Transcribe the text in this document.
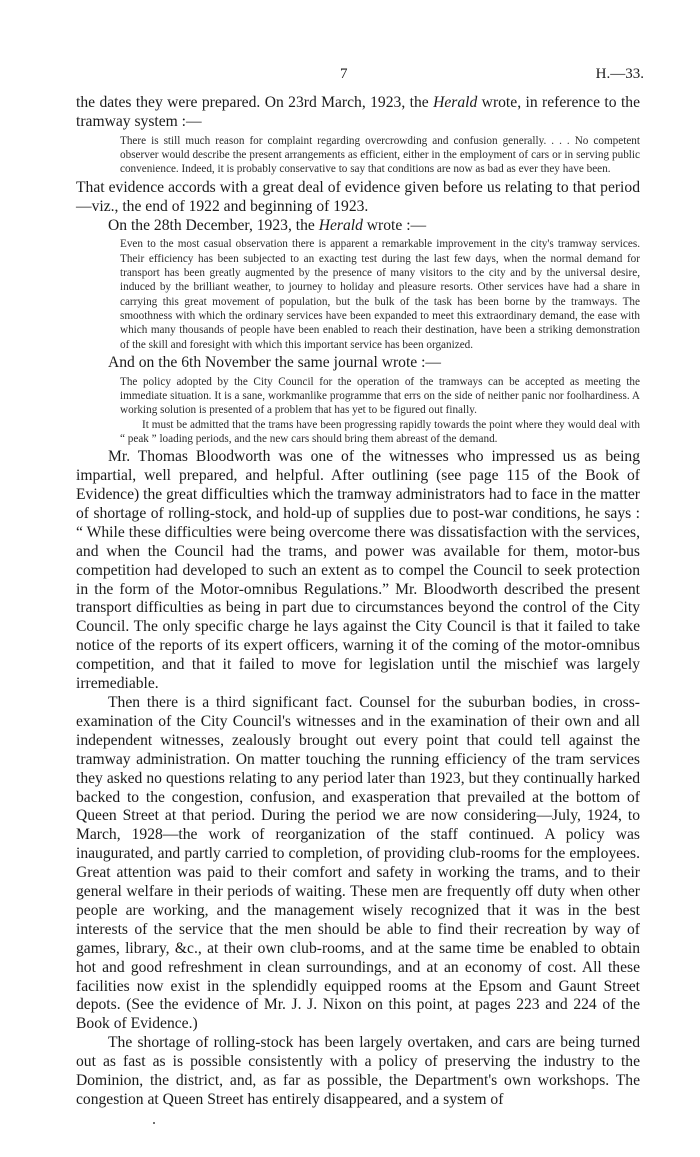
7	H.—33.

the dates they were prepared. On 23rd March, 1923, the Herald wrote, in reference to the tramway system :—

There is still much reason for complaint regarding overcrowding and confusion generally. . . . No competent observer would describe the present arrangements as efficient, either in the employment of cars or in serving public convenience. Indeed, it is probably conservative to say that conditions are now as bad as ever they have been.

That evidence accords with a great deal of evidence given before us relating to that period—viz., the end of 1922 and beginning of 1923.

On the 28th December, 1923, the Herald wrote :—

Even to the most casual observation there is apparent a remarkable improvement in the city's tramway services. Their efficiency has been subjected to an exacting test during the last few days, when the normal demand for transport has been greatly augmented by the presence of many visitors to the city and by the universal desire, induced by the brilliant weather, to journey to holiday and pleasure resorts. Other services have had a share in carrying this great movement of population, but the bulk of the task has been borne by the tramways. The smoothness with which the ordinary services have been expanded to meet this extraordinary demand, the ease with which many thousands of people have been enabled to reach their destination, have been a striking demonstration of the skill and foresight with which this important service has been organized.

And on the 6th November the same journal wrote :—

The policy adopted by the City Council for the operation of the tramways can be accepted as meeting the immediate situation. It is a sane, workmanlike programme that errs on the side of neither panic nor foolhardiness. A working solution is presented of a problem that has yet to be figured out finally.

It must be admitted that the trams have been progressing rapidly towards the point where they would deal with “ peak ” loading periods, and the new cars should bring them abreast of the demand.

Mr. Thomas Bloodworth was one of the witnesses who impressed us as being impartial, well prepared, and helpful. After outlining (see page 115 of the Book of Evidence) the great difficulties which the tramway administrators had to face in the matter of shortage of rolling-stock, and hold-up of supplies due to post-war conditions, he says : “ While these difficulties were being overcome there was dissatisfaction with the services, and when the Council had the trams, and power was available for them, motor-bus competition had developed to such an extent as to compel the Council to seek protection in the form of the Motor-omnibus Regulations.” Mr. Bloodworth described the present transport difficulties as being in part due to circumstances beyond the control of the City Council. The only specific charge he lays against the City Council is that it failed to take notice of the reports of its expert officers, warning it of the coming of the motor-omnibus competition, and that it failed to move for legislation until the mischief was largely irremediable.

Then there is a third significant fact. Counsel for the suburban bodies, in cross-examination of the City Council's witnesses and in the examination of their own and all independent witnesses, zealously brought out every point that could tell against the tramway administration. On matter touching the running efficiency of the tram services they asked no questions relating to any period later than 1923, but they continually harked backed to the congestion, confusion, and exasperation that prevailed at the bottom of Queen Street at that period. During the period we are now considering—July, 1924, to March, 1928—the work of reorganization of the staff continued. A policy was inaugurated, and partly carried to completion, of providing club-rooms for the employees. Great attention was paid to their comfort and safety in working the trams, and to their general welfare in their periods of waiting. These men are frequently off duty when other people are working, and the management wisely recognized that it was in the best interests of the service that the men should be able to find their recreation by way of games, library, &c., at their own club-rooms, and at the same time be enabled to obtain hot and good refreshment in clean surroundings, and at an economy of cost. All these facilities now exist in the splendidly equipped rooms at the Epsom and Gaunt Street depots. (See the evidence of Mr. J. J. Nixon on this point, at pages 223 and 224 of the Book of Evidence.)

The shortage of rolling-stock has been largely overtaken, and cars are being turned out as fast as is possible consistently with a policy of preserving the industry to the Dominion, the district, and, as far as possible, the Department's own workshops. The congestion at Queen Street has entirely disappeared, and a system of
